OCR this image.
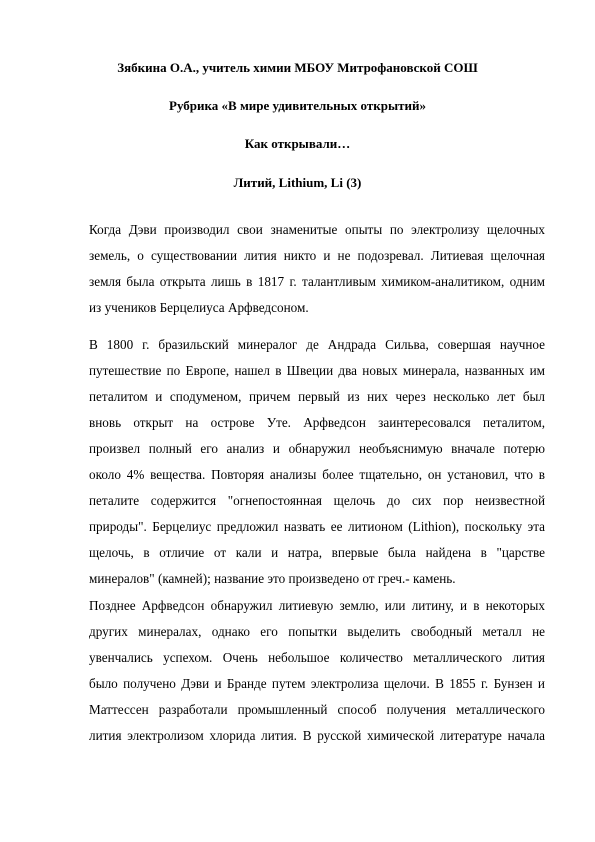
Зябкина О.А., учитель химии МБОУ Митрофановской СОШ
Рубрика «В мире удивительных открытий»
Как открывали…
Литий, Lithium, Li (3)
Когда Дэви производил свои знаменитые опыты по электролизу щелочных
земель, о существовании лития никто и не подозревал. Литиевая щелочная
земля была открыта лишь в 1817 г. талантливым химиком-аналитиком, одним
из учеников Берцелиуса Арфведсоном.
В 1800 г. бразильский минералог де Андрада Сильва, совершая научное
путешествие по Европе, нашел в Швеции два новых минерала, названных им
петалитом и сподуменом, причем первый из них через несколько лет был
вновь открыт на острове Уте. Арфведсон заинтересовался петалитом,
произвел полный его анализ и обнаружил необъяснимую вначале потерю
около 4% вещества. Повторяя анализы более тщательно, он установил, что в
петалите содержится "огнепостоянная щелочь до сих пор неизвестной
природы". Берцелиус предложил назвать ее литионом (Lithion), поскольку эта
щелочь, в отличие от кали и натра, впервые была найдена в "царстве
минералов" (камней); название это произведено от греч.- камень.
Позднее Арфведсон обнаружил литиевую землю, или литину, и в некоторых
других минералах, однако его попытки выделить свободный металл не
увенчались успехом. Очень небольшое количество металлического лития
было получено Дэви и Бранде путем электролиза щелочи. В 1855 г. Бунзен и
Маттессен разработали промышленный способ получения металлического
лития электролизом хлорида лития. В русской химической литературе начала
